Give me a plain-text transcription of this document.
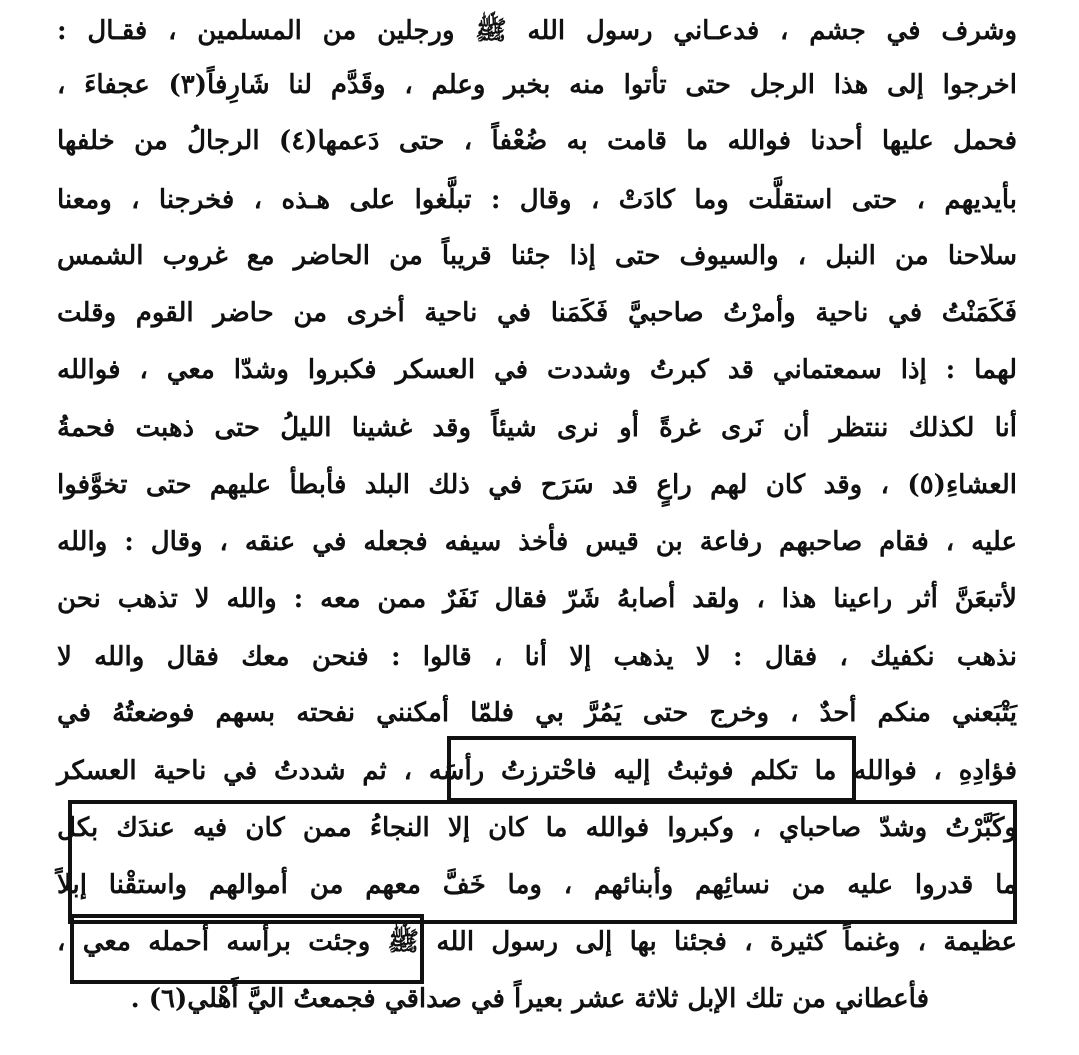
وشرف في جشم ، فدعـاني رسول الله ﷺ ورجلين من المسلمين ، فقـال :
اخرجوا إلى هذا الرجل حتى تأتوا منه بخبر وعلم ، وقَدَّم لنا شَارِفاً(٣) عجفاءَ ،
فحمل عليها أحدنا فوالله ما قامت به ضُعْفاً ، حتى دَعمها(٤) الرجالُ من خلفها
بأيديهم ، حتى استقلَّت وما كادَتْ ، وقال : تبلَّغوا على هـذه ، فخرجنا ، ومعنا
سلاحنا من النبل ، والسيوف حتى إذا جئنا قريباً من الحاضر مع غروب الشمس
فَكَمَنْتُ في ناحية وأمرْتُ صاحبيَّ فَكَمَنا في ناحية أخرى من حاضر القوم وقلت
لهما : إذا سمعتماني قد كبرتُ وشددت في العسكر فكبروا وشدّا معي ، فوالله
أنا لكذلك ننتظر أن نَرى غرةً أو نرى شيئاً وقد غشينا الليلُ حتى ذهبت فحمةُ
العشاءِ(٥) ، وقد كان لهم راعٍ قد سَرَح في ذلك البلد فأبطأ عليهم حتى تخوَّفوا
عليه ، فقام صاحبهم رفاعة بن قيس فأخذ سيفه فجعله في عنقه ، وقال : والله
لأتبعَنَّ أثر راعينا هذا ، ولقد أصابهُ شَرّ فقال نَفَرٌ ممن معه : والله لا تذهب نحن
نذهب نكفيك ، فقال : لا يذهب إلا أنا ، قالوا : فنحن معك فقال والله لا
يَتْبَعني منكم أحدٌ ، وخرج حتى يَمُرَّ بي فلمّا أمكنني نفحته بسهم فوضعتُهُ في
فؤادِهِ ، فوالله ما تكلم فوثبتُ إليه فاحْترزتُ رأسَه ، ثم شددتُ في ناحية العسكر
وكَبَّرْتُ وشدّ صاحباي ، وكبروا فوالله ما كان إلا النجاءُ ممن كان فيه عندَك بكل
ما قدروا عليه من نسائِهم وأبنائهم ، وما خَفَّ معهم من أموالهم واستقْنا إبلاً
عظيمة ، وغنماً كثيرة ، فجئنا بها إلى رسول الله ﷺ وجئت برأسه أحمله معي ،
فأعطاني من تلك الإبل ثلاثة عشر بعيراً في صداقي فجمعتُ اليَّ أَهْلي(٦) .
